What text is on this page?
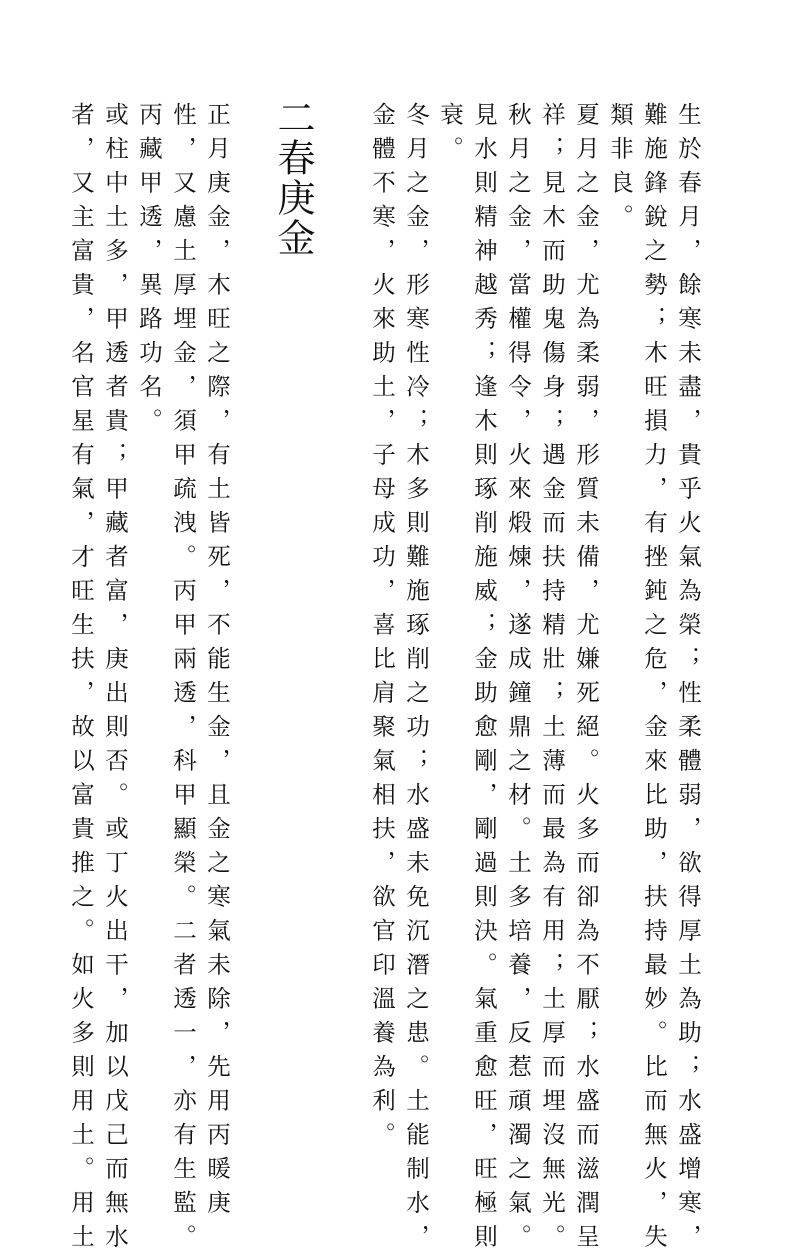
生於春月，餘寒未盡，貴乎火氣為榮；性柔體弱，欲得厚土為助；水盛增寒，
難施鋒銳之勢；木旺損力，有挫鈍之危，金來比助，扶持最妙。比而無火，失
類非良。
夏月之金，尤為柔弱，形質未備，尤嫌死絕。火多而卻為不厭；水盛而滋潤呈
祥；見木而助鬼傷身；遇金而扶持精壯；土薄而最為有用；土厚而埋沒無光。
秋月之金，當權得令，火來煅煉，遂成鐘鼎之材。土多培養，反惹頑濁之氣。
見水則精神越秀；逢木則琢削施威；金助愈剛，剛過則決。氣重愈旺，旺極則
衰。
冬月之金，形寒性冷；木多則難施琢削之功；水盛未免沉潛之患。土能制水，
金體不寒，火來助土，子母成功，喜比肩聚氣相扶，欲官印溫養為利。
二春庚金
正月庚金，木旺之際，有土皆死，不能生金，且金之寒氣未除，先用丙暖庚
性，又慮土厚埋金，須甲疏洩。丙甲兩透，科甲顯榮。二者透一，亦有生監。
丙藏甲透，異路功名。
或柱中土多，甲透者貴；甲藏者富，庚出則否。或丁火出干，加以戊己而無水
者，又主富貴，名官星有氣，才旺生扶，故以富貴推之。如火多則用土。用土
